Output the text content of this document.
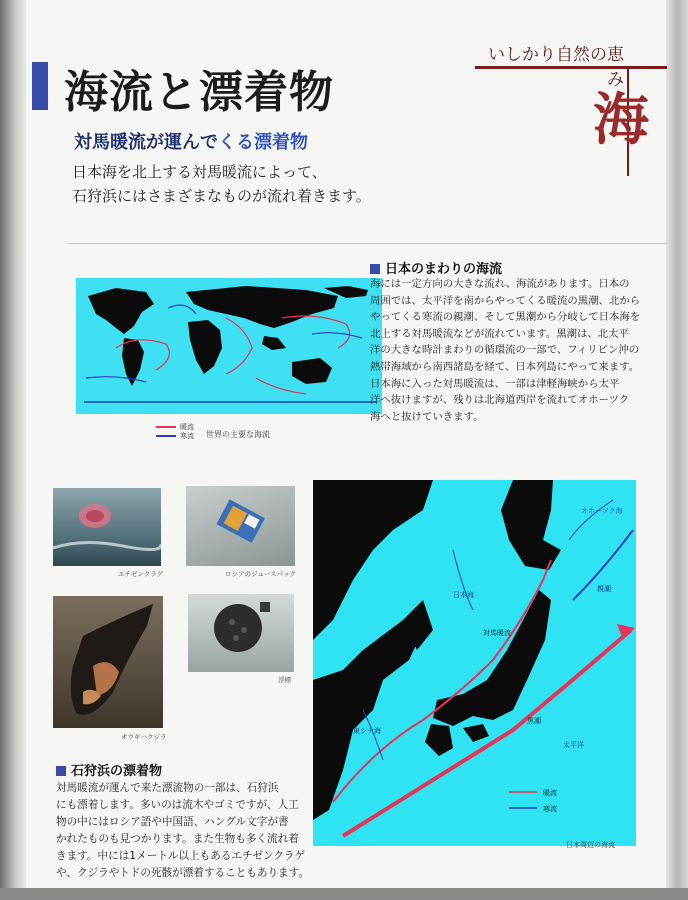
海流と漂着物
対馬暖流が運んでくる漂着物
日本海を北上する対馬暖流によって、
石狩浜にはさまざまなものが流れ着きます。
いしかり自然の恵み
海
暖流
寒流 世界の主要な海流
日本のまわりの海流
海には一定方向の大きな流れ、海流があります。日本の
周囲では、太平洋を南からやってくる暖流の黒潮、北から
やってくる寒流の親潮、そして黒潮から分岐して日本海を
北上する対馬暖流などが流れています。黒潮は、北太平
洋の大きな時計まわりの循環流の一部で、フィリピン沖の
熱帯海域から南西諸島を経て、日本列島にやって来ます。
日本海に入った対馬暖流は、一部は津軽海峡から太平
洋へ抜けますが、残りは北海道西岸を流れてオホーツク
海へと抜けていきます。
エチゼンクラゲ	ロシアのジュースパック
オウギハクジラ
浮標
石狩浜の漂着物
対馬暖流が運んで来た漂流物の一部は、石狩浜
にも漂着します。多いのは流木やゴミですが、人工
物の中にはロシア語や中国語、ハングル文字が書
かれたものも見つかります。また生物も多く流れ着
きます。中には1メートル以上もあるエチゼンクラゲ
や、クジラやトドの死骸が漂着することもあります。
オホーツク海
日本海
対馬暖流
親潮
黒潮
太平洋
東シナ海
暖流
寒流
日本周辺の海流
